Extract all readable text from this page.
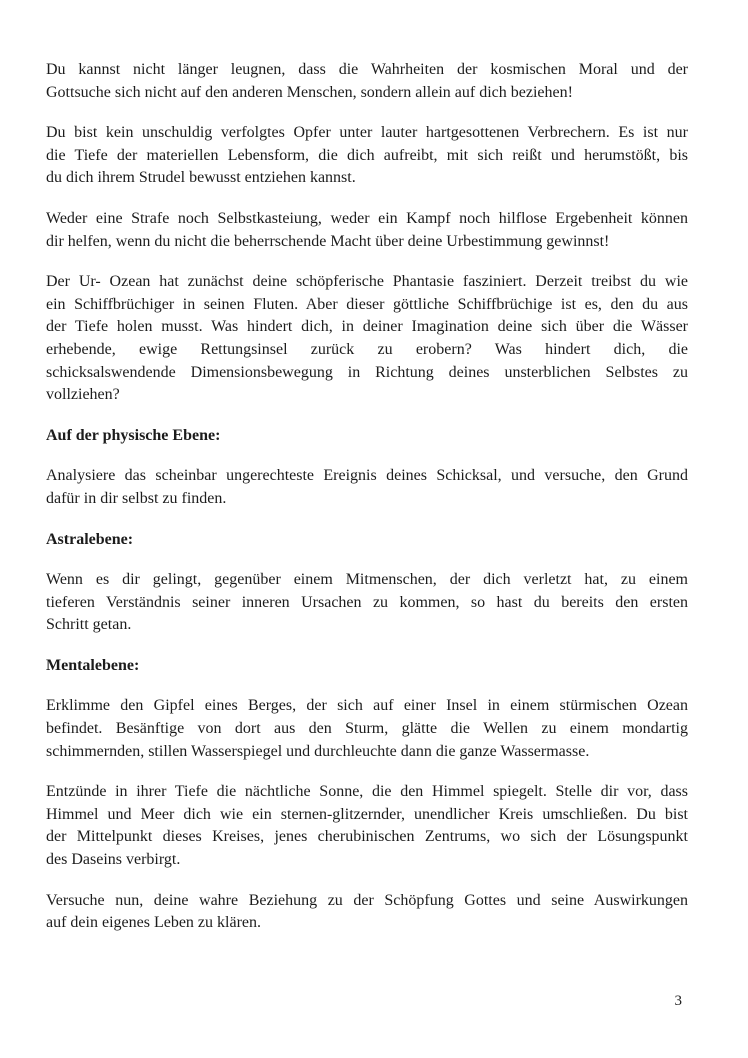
Du kannst nicht länger leugnen, dass die Wahrheiten der kosmischen Moral und der
Gottsuche sich nicht auf den anderen Menschen, sondern allein auf dich beziehen!
Du bist kein unschuldig verfolgtes Opfer unter lauter hartgesottenen Verbrechern. Es ist nur
die Tiefe der materiellen Lebensform, die dich aufreibt, mit sich reißt und herumstößt, bis
du dich ihrem Strudel bewusst entziehen kannst.
Weder eine Strafe noch Selbstkasteiung, weder ein Kampf noch hilflose Ergebenheit können
dir helfen, wenn du nicht die beherrschende Macht über deine Urbestimmung gewinnst!
Der Ur- Ozean hat zunächst deine schöpferische Phantasie fasziniert. Derzeit treibst du wie
ein Schiffbrüchiger in seinen Fluten. Aber dieser göttliche Schiffbrüchige ist es, den du aus
der Tiefe holen musst. Was hindert dich, in deiner Imagination deine sich über die Wässer
erhebende, ewige Rettungsinsel zurück zu erobern? Was hindert dich, die
schicksalswendende Dimensionsbewegung in Richtung deines unsterblichen Selbstes zu
vollziehen?
Auf der physische Ebene:
Analysiere das scheinbar ungerechteste Ereignis deines Schicksal, und versuche, den Grund
dafür in dir selbst zu finden.
Astralebene:
Wenn es dir gelingt, gegenüber einem Mitmenschen, der dich verletzt hat, zu einem
tieferen Verständnis seiner inneren Ursachen zu kommen, so hast du bereits den ersten
Schritt getan.
Mentalebene:
Erklimme den Gipfel eines Berges, der sich auf einer Insel in einem stürmischen Ozean
befindet. Besänftige von dort aus den Sturm, glätte die Wellen zu einem mondartig
schimmernden, stillen Wasserspiegel und durchleuchte dann die ganze Wassermasse.
Entzünde in ihrer Tiefe die nächtliche Sonne, die den Himmel spiegelt. Stelle dir vor, dass
Himmel und Meer dich wie ein sternen-glitzernder, unendlicher Kreis umschließen. Du bist
der Mittelpunkt dieses Kreises, jenes cherubinischen Zentrums, wo sich der Lösungspunkt
des Daseins verbirgt.
Versuche nun, deine wahre Beziehung zu der Schöpfung Gottes und seine Auswirkungen
auf dein eigenes Leben zu klären.
3
